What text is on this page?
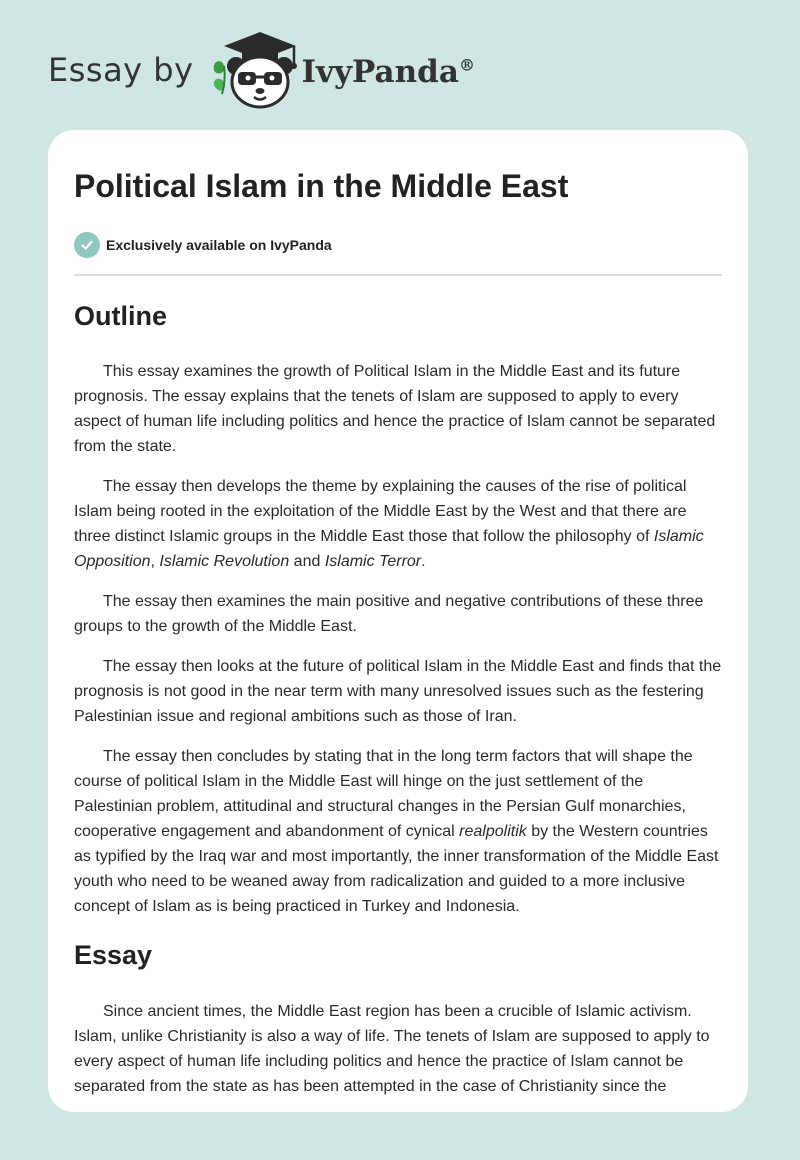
Essay by	IvyPanda®
Political Islam in the Middle East
Exclusively available on IvyPanda
Outline

This essay examines the growth of Political Islam in the Middle East and its future prognosis. The essay explains that the tenets of Islam are supposed to apply to every aspect of human life including politics and hence the practice of Islam cannot be separated from the state.

The essay then develops the theme by explaining the causes of the rise of political Islam being rooted in the exploitation of the Middle East by the West and that there are three distinct Islamic groups in the Middle East those that follow the philosophy of Islamic Opposition, Islamic Revolution and Islamic Terror.

The essay then examines the main positive and negative contributions of these three groups to the growth of the Middle East.

The essay then looks at the future of political Islam in the Middle East and finds that the prognosis is not good in the near term with many unresolved issues such as the festering Palestinian issue and regional ambitions such as those of Iran.

The essay then concludes by stating that in the long term factors that will shape the course of political Islam in the Middle East will hinge on the just settlement of the Palestinian problem, attitudinal and structural changes in the Persian Gulf monarchies, cooperative engagement and abandonment of cynical realpolitik by the Western countries as typified by the Iraq war and most importantly, the inner transformation of the Middle East youth who need to be weaned away from radicalization and guided to a more inclusive concept of Islam as is being practiced in Turkey and Indonesia.

Essay

Since ancient times, the Middle East region has been a crucible of Islamic activism. Islam, unlike Christianity is also a way of life. The tenets of Islam are supposed to apply to every aspect of human life including politics and hence the practice of Islam cannot be separated from the state as has been attempted in the case of Christianity since the
